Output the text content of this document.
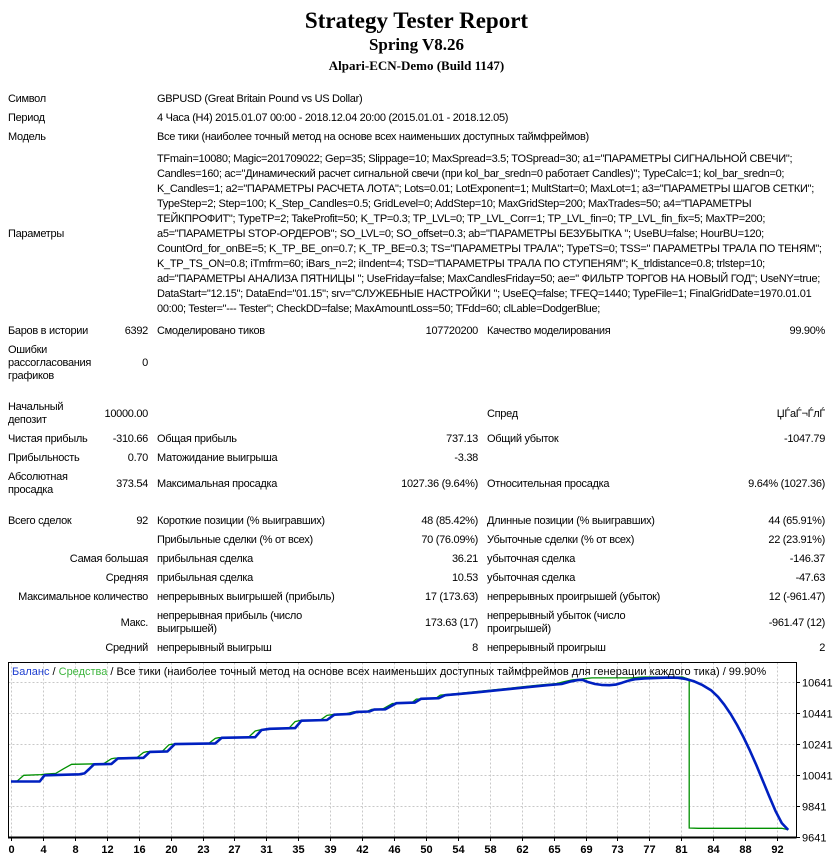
Strategy Tester Report
Spring V8.26
Alpari-ECN-Demo (Build 1147)
Символ		GBPUSD (Great Britain Pound vs US Dollar)			
Период		4 Часа (H4) 2015.01.07 00:00 - 2018.12.04 20:00 (2015.01.01 - 2018.12.05)			
Модель		Все тики (наиболее точный метод на основе всех наименьших доступных таймфреймов)			
Параметры		TFmain=10080; Magic=201709022; Gep=35; Slippage=10; MaxSpread=3.5; TOSpread=30; a1="ПАРАМЕТРЫ СИГНАЛЬНОЙ СВЕЧИ"; Candles=160; ac="Динамический расчет сигнальной свечи (при kol_bar_sredn=0 работает Candles)"; TypeCalc=1; kol_bar_sredn=0; K_Candles=1; a2="ПАРАМЕТРЫ РАСЧЕТА ЛОТА"; Lots=0.01; LotExponent=1; MultStart=0; MaxLot=1; a3="ПАРАМЕТРЫ ШАГОВ СЕТКИ"; TypeStep=2; Step=100; K_Step_Candles=0.5; GridLevel=0; AddStep=10; MaxGridStep=200; MaxTrades=50; a4="ПАРАМЕТРЫ ТЕЙКПРОФИТ"; TypeTP=2; TakeProfit=50; K_TP=0.3; TP_LVL=0; TP_LVL_Corr=1; TP_LVL_fin=0; TP_LVL_fin_fix=5; MaxTP=200; a5="ПАРАМЕТРЫ STOP-ОРДЕРОВ"; SO_LVL=0; SO_offset=0.3; ab="ПАРАМЕТРЫ БЕЗУБЫТКА "; UseBU=false; HourBU=120; CountOrd_for_onBE=5; K_TP_BE_on=0.7; K_TP_BE=0.3; TS="ПАРАМЕТРЫ ТРАЛА"; TypeTS=0; TSS=" ПАРАМЕТРЫ ТРАЛА ПО ТЕНЯМ"; K_TP_TS_ON=0.8; iTmfrm=60; iBars_n=2; iIndent=4; TSD="ПАРАМЕТРЫ ТРАЛА ПО СТУПЕНЯМ"; K_trldistance=0.8; trlstep=10; ad="ПАРАМЕТРЫ АНАЛИЗА ПЯТНИЦЫ "; UseFriday=false; MaxCandlesFriday=50; ae=" ФИЛЬТР ТОРГОВ НА НОВЫЙ ГОД"; UseNY=true; DataStart="12.15"; DataEnd="01.15"; srv="СЛУЖЕБНЫЕ НАСТРОЙКИ "; UseEQ=false; TFEQ=1440; TypeFile=1; FinalGridDate=1970.01.01 00:00; Tester="--- Tester"; CheckDD=false; MaxAmountLoss=50; TFdd=60; clLable=DodgerBlue;			
Баров в истории	6392	Смоделировано тиков	107720200	Качество моделирования	99.90%
Ошибки рассогласования графиков	0				

Начальный депозит	10000.00			Спред	ЏЃаЃ¬ЃлЃ
Чистая прибыль	-310.66	Общая прибыль	737.13	Общий убыток	-1047.79
Прибыльность	0.70	Матожидание выигрыша	-3.38		
Абсолютная просадка	373.54	Максимальная просадка	1027.36 (9.64%)	Относительная просадка	9.64% (1027.36)

Всего сделок	92	Короткие позиции (% выигравших)	48 (85.42%)	Длинные позиции (% выигравших)	44 (65.91%)
		Прибыльные сделки (% от всех)	70 (76.09%)	Убыточные сделки (% от всех)	22 (23.91%)
Самая большая		прибыльная сделка	36.21	убыточная сделка	-146.37
Средняя		прибыльная сделка	10.53	убыточная сделка	-47.63
Максимальное количество		непрерывных выигрышей (прибыль)	17 (173.63)	непрерывных проигрышей (убыток)	12 (-961.47)
Макс.		непрерывная прибыль (число выигрышей)	173.63 (17)	непрерывный убыток (число проигрышей)	-961.47 (12)
Средний		непрерывный выигрыш	8	непрерывный проигрыш	2
0 4 8 12 16 20 23 27 31 35 39 42 46 50 54 58 62 65 69 73 77 81 84 88 92
10641
10441
10241
10041
9841
9641
Баланс / Средства / Все тики (наиболее точный метод на основе всех наименьших доступных таймфреймов для генерации каждого тика) / 99.90%
